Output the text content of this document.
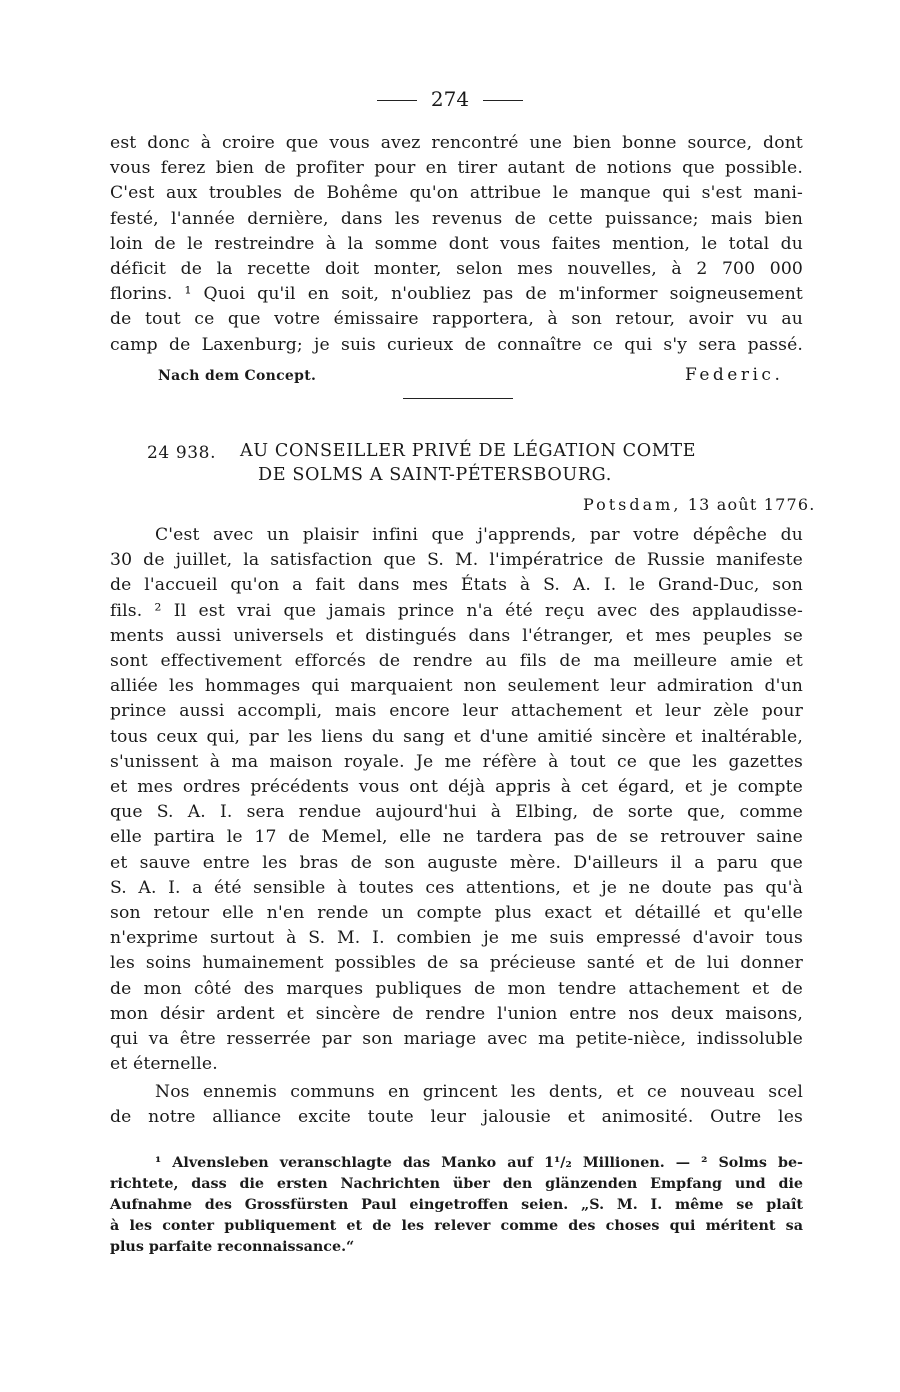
274
est donc à croire que vous avez rencontré une bien bonne source, dont
vous ferez bien de profiter pour en tirer autant de notions que possible.
C'est aux troubles de Bohême qu'on attribue le manque qui s'est mani-
festé, l'année dernière, dans les revenus de cette puissance; mais bien
loin de le restreindre à la somme dont vous faites mention, le total du
déficit de la recette doit monter, selon mes nouvelles, à 2 700 000
florins. ¹ Quoi qu'il en soit, n'oubliez pas de m'informer soigneusement
de tout ce que votre émissaire rapportera, à son retour, avoir vu au
camp de Laxenburg; je suis curieux de connaître ce qui s'y sera passé.
Nach dem Concept.	Federic.
24 938. AU CONSEILLER PRIVÉ DE LÉGATION COMTE
DE SOLMS A SAINT-PÉTERSBOURG.
Potsdam, 13 août 1776.
C'est avec un plaisir infini que j'apprends, par votre dépêche du
30 de juillet, la satisfaction que S. M. l'impératrice de Russie manifeste
de l'accueil qu'on a fait dans mes États à S. A. I. le Grand-Duc, son
fils. ² Il est vrai que jamais prince n'a été reçu avec des applaudisse-
ments aussi universels et distingués dans l'étranger, et mes peuples se
sont effectivement efforcés de rendre au fils de ma meilleure amie et
alliée les hommages qui marquaient non seulement leur admiration d'un
prince aussi accompli, mais encore leur attachement et leur zèle pour
tous ceux qui, par les liens du sang et d'une amitié sincère et inaltérable,
s'unissent à ma maison royale. Je me réfère à tout ce que les gazettes
et mes ordres précédents vous ont déjà appris à cet égard, et je compte
que S. A. I. sera rendue aujourd'hui à Elbing, de sorte que, comme
elle partira le 17 de Memel, elle ne tardera pas de se retrouver saine
et sauve entre les bras de son auguste mère. D'ailleurs il a paru que
S. A. I. a été sensible à toutes ces attentions, et je ne doute pas qu'à
son retour elle n'en rende un compte plus exact et détaillé et qu'elle
n'exprime surtout à S. M. I. combien je me suis empressé d'avoir tous
les soins humainement possibles de sa précieuse santé et de lui donner
de mon côté des marques publiques de mon tendre attachement et de
mon désir ardent et sincère de rendre l'union entre nos deux maisons,
qui va être resserrée par son mariage avec ma petite-nièce, indissoluble
et éternelle.
Nos ennemis communs en grincent les dents, et ce nouveau scel
de notre alliance excite toute leur jalousie et animosité. Outre les
¹ Alvensleben veranschlagte das Manko auf 1¹/₂ Millionen. — ² Solms be-
richtete, dass die ersten Nachrichten über den glänzenden Empfang und die
Aufnahme des Grossfürsten Paul eingetroffen seien. „S. M. I. même se plaît
à les conter publiquement et de les relever comme des choses qui méritent sa
plus parfaite reconnaissance.“
